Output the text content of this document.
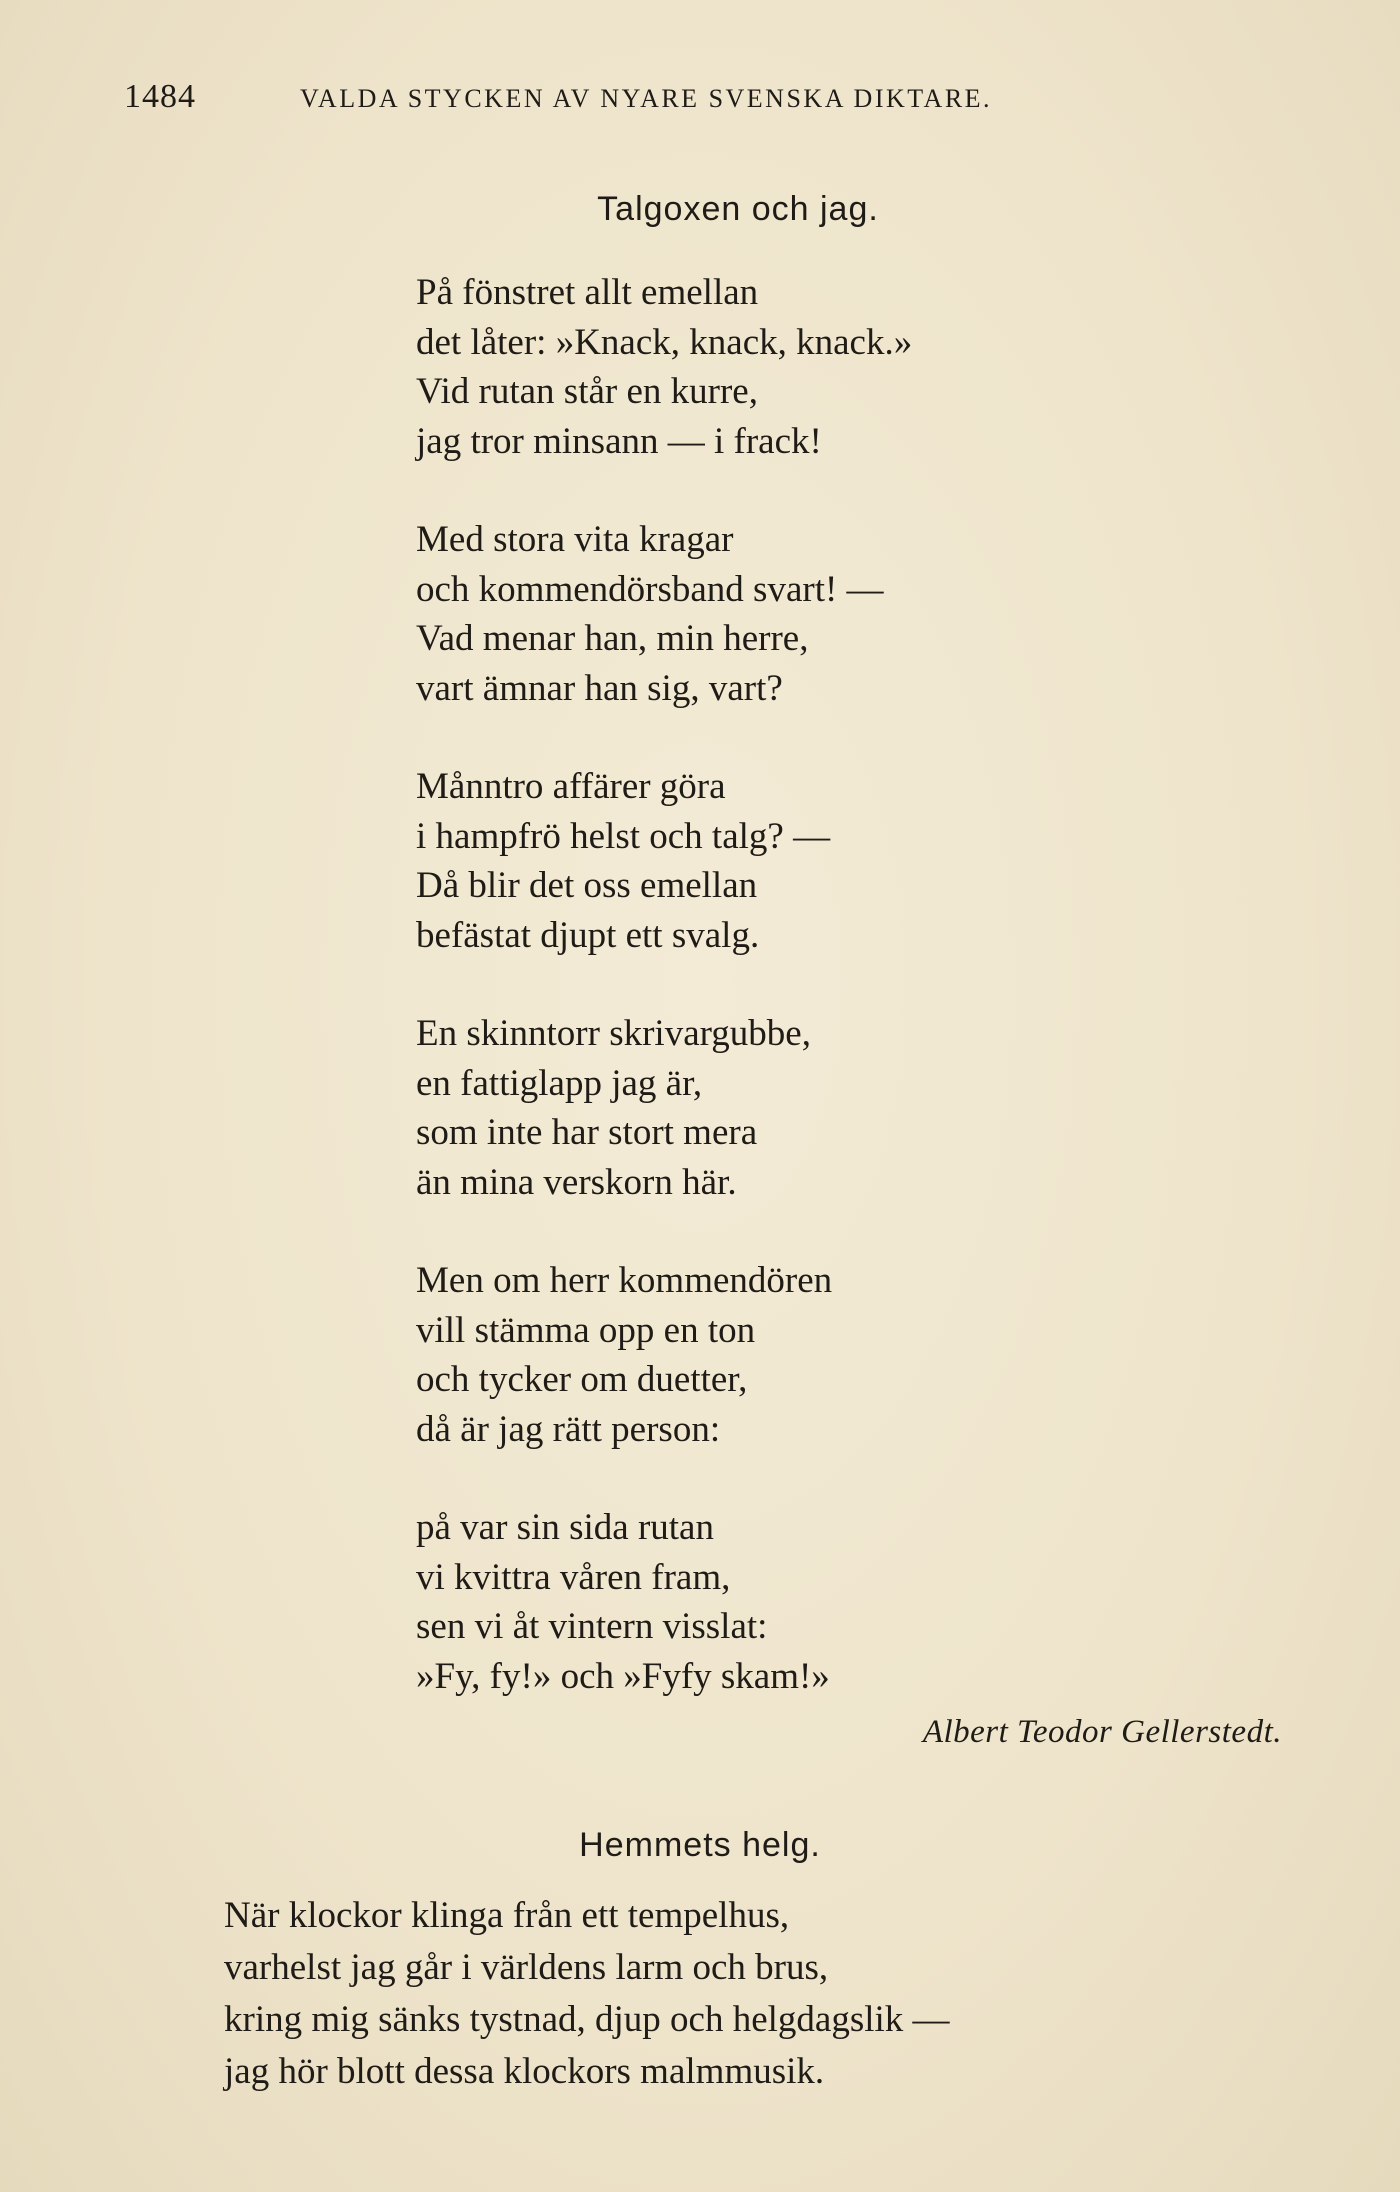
1484	VALDA STYCKEN AV NYARE SVENSKA DIKTARE.
Talgoxen och jag.
På fönstret allt emellan
det låter: »Knack, knack, knack.»
Vid rutan står en kurre,
jag tror minsann — i frack!
Med stora vita kragar
och kommendörsband svart! —
Vad menar han, min herre,
vart ämnar han sig, vart?
Månntro affärer göra
i hampfrö helst och talg? —
Då blir det oss emellan
befästat djupt ett svalg.
En skinntorr skrivargubbe,
en fattiglapp jag är,
som inte har stort mera
än mina verskorn här.
Men om herr kommendören
vill stämma opp en ton
och tycker om duetter,
då är jag rätt person:
på var sin sida rutan
vi kvittra våren fram,
sen vi åt vintern visslat:
»Fy, fy!» och »Fyfy skam!»
Albert Teodor Gellerstedt.
Hemmets helg.
När klockor klinga från ett tempelhus,
varhelst jag går i världens larm och brus,
kring mig sänks tystnad, djup och helgdagslik —
jag hör blott dessa klockors malmmusik.
